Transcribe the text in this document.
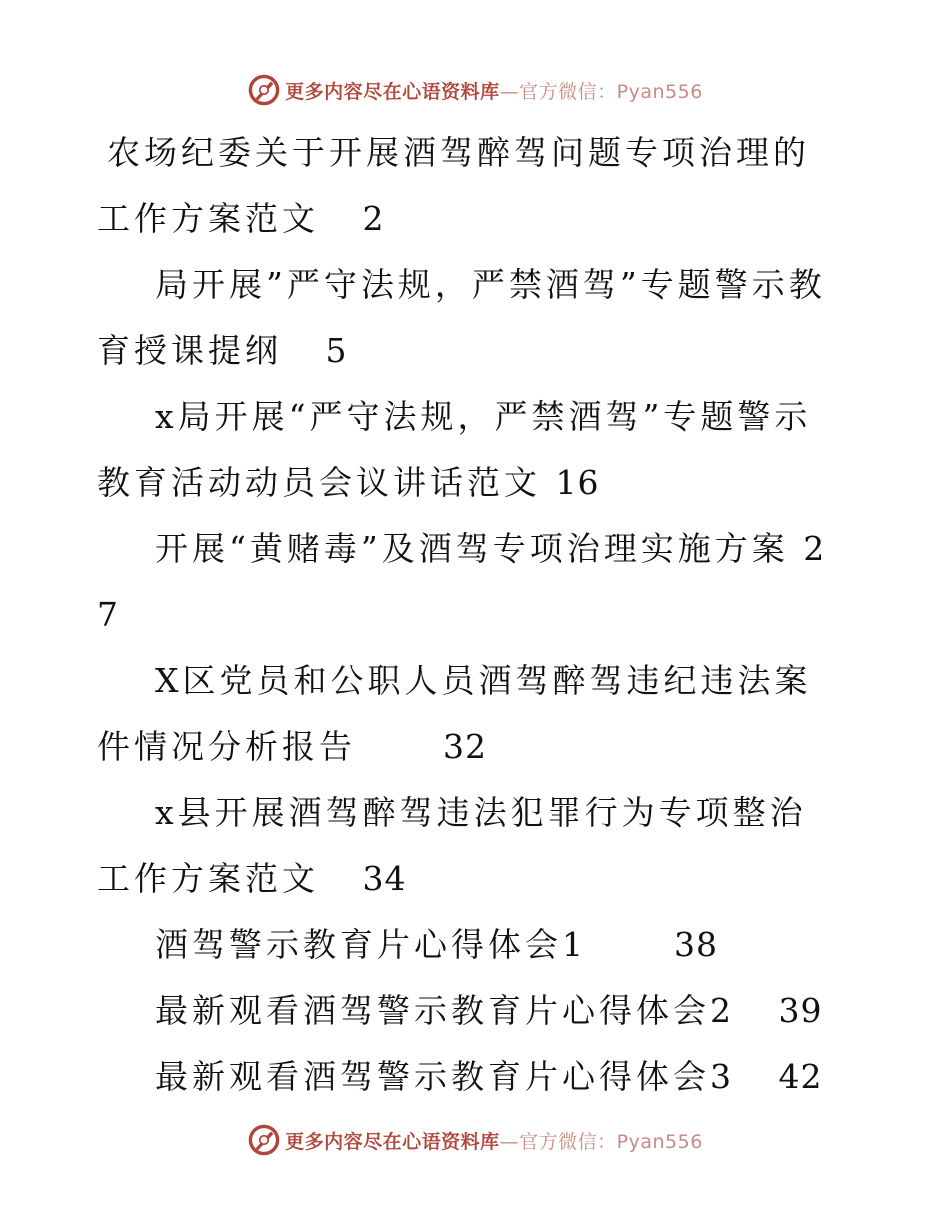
更多内容尽在心语资料库—官方微信：Pyan556

农场纪委关于开展酒驾醉驾问题专项治理的工作方案范文 2

局开展”严守法规，严禁酒驾”专题警示教育授课提纲 5

x局开展“严守法规，严禁酒驾”专题警示教育活动动员会议讲话范文 16

开展“黄赌毒”及酒驾专项治理实施方案 27

X区党员和公职人员酒驾醉驾违纪违法案件情况分析报告	32

x县开展酒驾醉驾违法犯罪行为专项整治工作方案范文 34

酒驾警示教育片心得体会1	38

最新观看酒驾警示教育片心得体会2 39

最新观看酒驾警示教育片心得体会3 42

更多内容尽在心语资料库—官方微信：Pyan556
